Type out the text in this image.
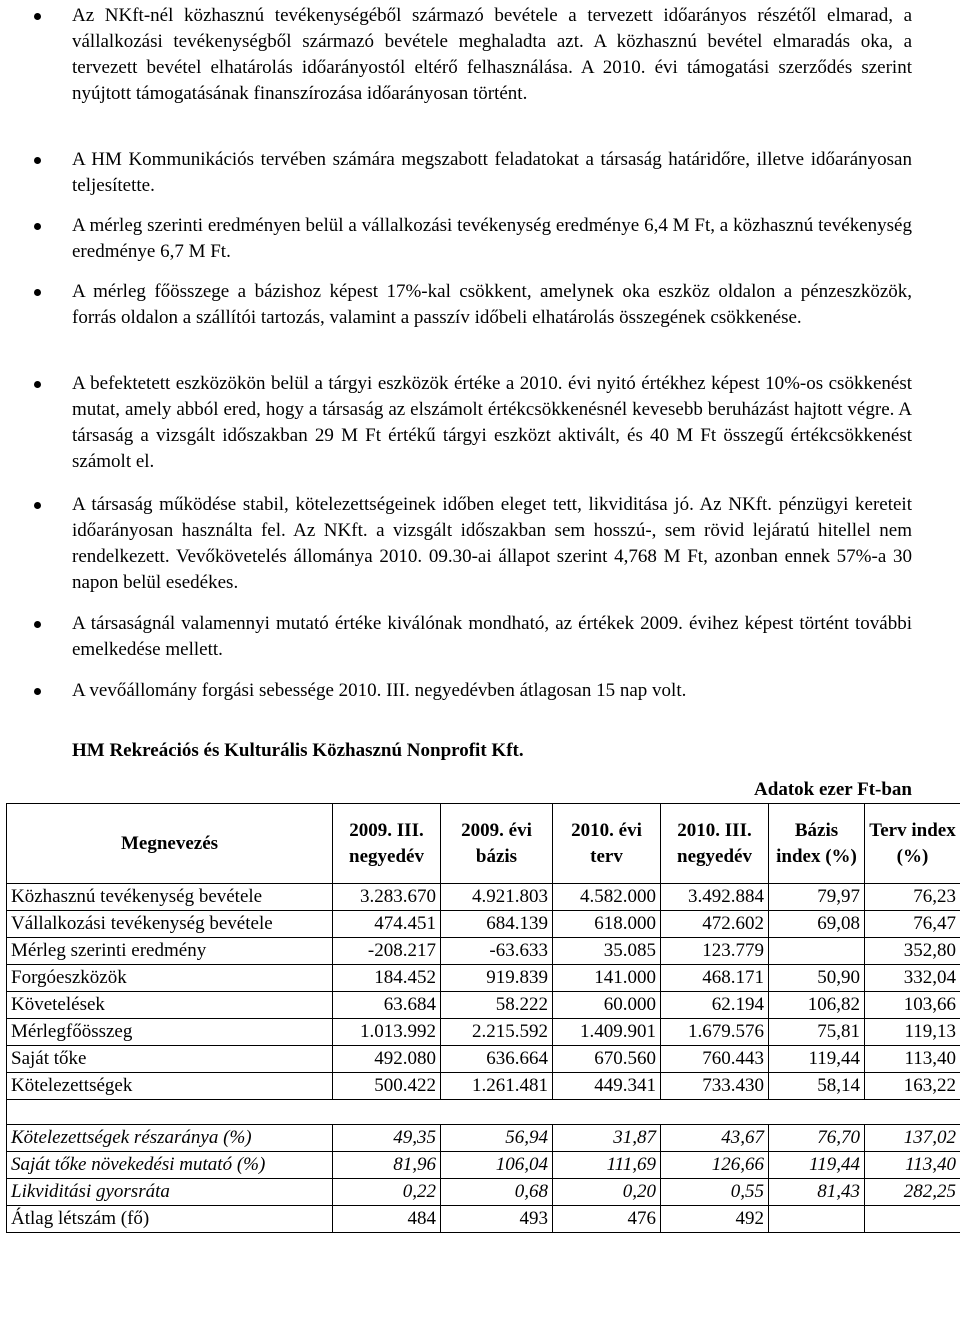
Az NKft-nél közhasznú tevékenységéből származó bevétele a tervezett időarányos részétől elmarad, a vállalkozási tevékenységből származó bevétele meghaladta azt. A közhasznú bevétel elmaradás oka, a tervezett bevétel elhatárolás időarányostól eltérő felhasználása. A 2010. évi támogatási szerződés szerint nyújtott támogatásának finanszírozása időarányosan történt.
A HM Kommunikációs tervében számára megszabott feladatokat a társaság határidőre, illetve időarányosan teljesítette.
A mérleg szerinti eredményen belül a vállalkozási tevékenység eredménye 6,4 M Ft, a közhasznú tevékenység eredménye 6,7 M Ft.
A mérleg főösszege a bázishoz képest 17%-kal csökkent, amelynek oka eszköz oldalon a pénzeszközök, forrás oldalon a szállítói tartozás, valamint a passzív időbeli elhatárolás összegének csökkenése.
A befektetett eszközökön belül a tárgyi eszközök értéke a 2010. évi nyitó értékhez képest 10%-os csökkenést mutat, amely abból ered, hogy a társaság az elszámolt értékcsökkenésnél kevesebb beruházást hajtott végre. A társaság a vizsgált időszakban 29 M Ft értékű tárgyi eszközt aktivált, és 40 M Ft összegű értékcsökkenést számolt el.
A társaság működése stabil, kötelezettségeinek időben eleget tett, likviditása jó. Az NKft. pénzügyi kereteit időarányosan használta fel. Az NKft. a vizsgált időszakban sem hosszú-, sem rövid lejáratú hitellel nem rendelkezett. Vevőkövetelés állománya 2010. 09.30-ai állapot szerint 4,768 M Ft, azonban ennek 57%-a 30 napon belül esedékes.
A társaságnál valamennyi mutató értéke kiválónak mondható, az értékek 2009. évihez képest történt további emelkedése mellett.
A vevőállomány forgási sebessége 2010. III. negyedévben átlagosan 15 nap volt.
HM Rekreációs és Kulturális Közhasznú Nonprofit Kft.
Adatok ezer Ft-ban
Megnevezés	2009. III. negyedév	2009. évi bázis	2010. évi terv	2010. III. negyedév	Bázis index (%)	Terv index (%)
Közhasznú tevékenység bevétele	3.283.670	4.921.803	4.582.000	3.492.884	79,97	76,23
Vállalkozási tevékenység bevétele	474.451	684.139	618.000	472.602	69,08	76,47
Mérleg szerinti eredmény	-208.217	-63.633	35.085	123.779		352,80
Forgóeszközök	184.452	919.839	141.000	468.171	50,90	332,04
Követelések	63.684	58.222	60.000	62.194	106,82	103,66
Mérlegfőösszeg	1.013.992	2.215.592	1.409.901	1.679.576	75,81	119,13
Saját tőke	492.080	636.664	670.560	760.443	119,44	113,40
Kötelezettségek	500.422	1.261.481	449.341	733.430	58,14	163,22

Kötelezettségek részaránya (%)	49,35	56,94	31,87	43,67	76,70	137,02
Saját tőke növekedési mutató (%)	81,96	106,04	111,69	126,66	119,44	113,40
Likviditási gyorsráta	0,22	0,68	0,20	0,55	81,43	282,25
Átlag létszám (fő)	484	493	476	492		
